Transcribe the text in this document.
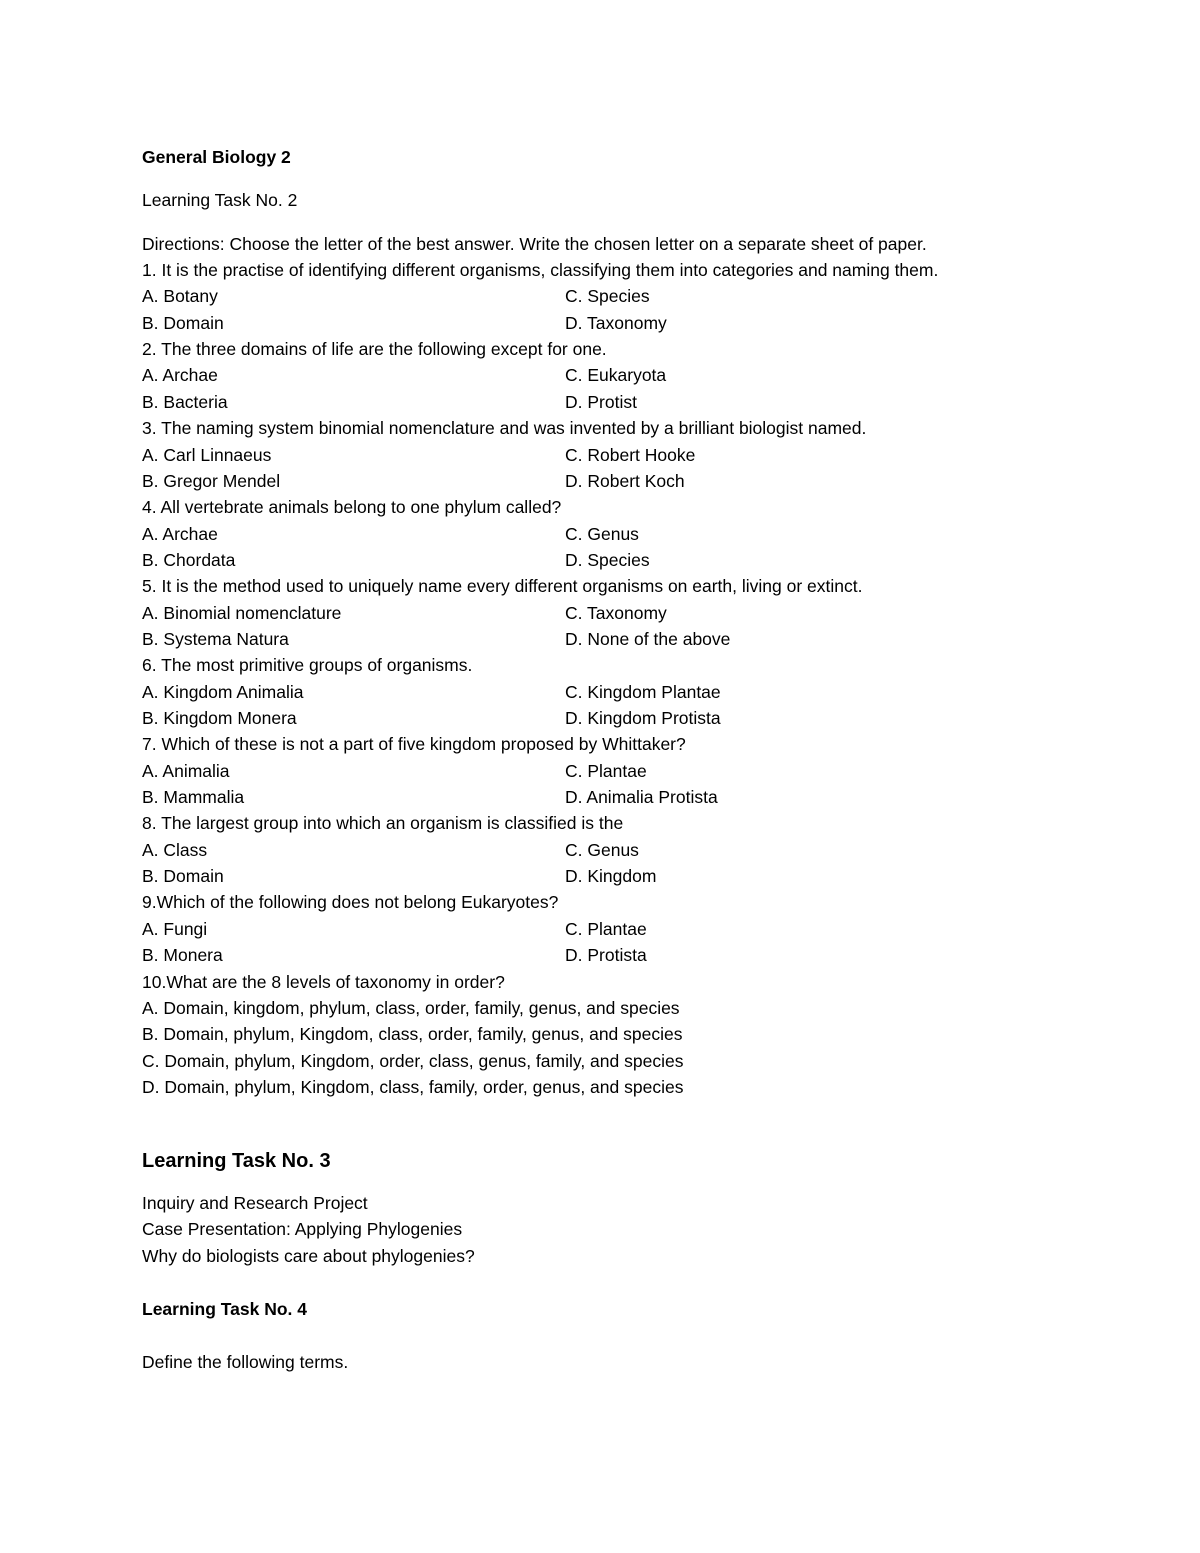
General Biology 2
Learning Task No. 2
Directions: Choose the letter of the best answer. Write the chosen letter on a separate sheet of paper.
1. It is the practise of identifying different organisms, classifying them into categories and naming them.
A. Botany	C. Species
B. Domain	D. Taxonomy
2. The three domains of life are the following except for one.
A. Archae	C. Eukaryota
B. Bacteria	D. Protist
3. The naming system binomial nomenclature and was invented by a brilliant biologist named.
A. Carl Linnaeus	C. Robert Hooke
B. Gregor Mendel	D. Robert Koch
4. All vertebrate animals belong to one phylum called?
A. Archae	C. Genus
B. Chordata	D. Species
5. It is the method used to uniquely name every different organisms on earth, living or extinct.
A. Binomial nomenclature	C. Taxonomy
B. Systema Natura	D. None of the above
6. The most primitive groups of organisms.
A. Kingdom Animalia	C. Kingdom Plantae
B. Kingdom Monera	D. Kingdom Protista
7. Which of these is not a part of five kingdom proposed by Whittaker?
A. Animalia	C. Plantae
B. Mammalia	D. Animalia Protista
8. The largest group into which an organism is classified is the
A. Class	C. Genus
B. Domain	D. Kingdom
9.Which of the following does not belong Eukaryotes?
A. Fungi	C. Plantae
B. Monera	D. Protista
10.What are the 8 levels of taxonomy in order?
A. Domain, kingdom, phylum, class, order, family, genus, and species
B. Domain, phylum, Kingdom, class, order, family, genus, and species
C. Domain, phylum, Kingdom, order, class, genus, family, and species
D. Domain, phylum, Kingdom, class, family, order, genus, and species
Learning Task No. 3
Inquiry and Research Project
Case Presentation: Applying Phylogenies
Why do biologists care about phylogenies?
Learning Task No. 4
Define the following terms.
